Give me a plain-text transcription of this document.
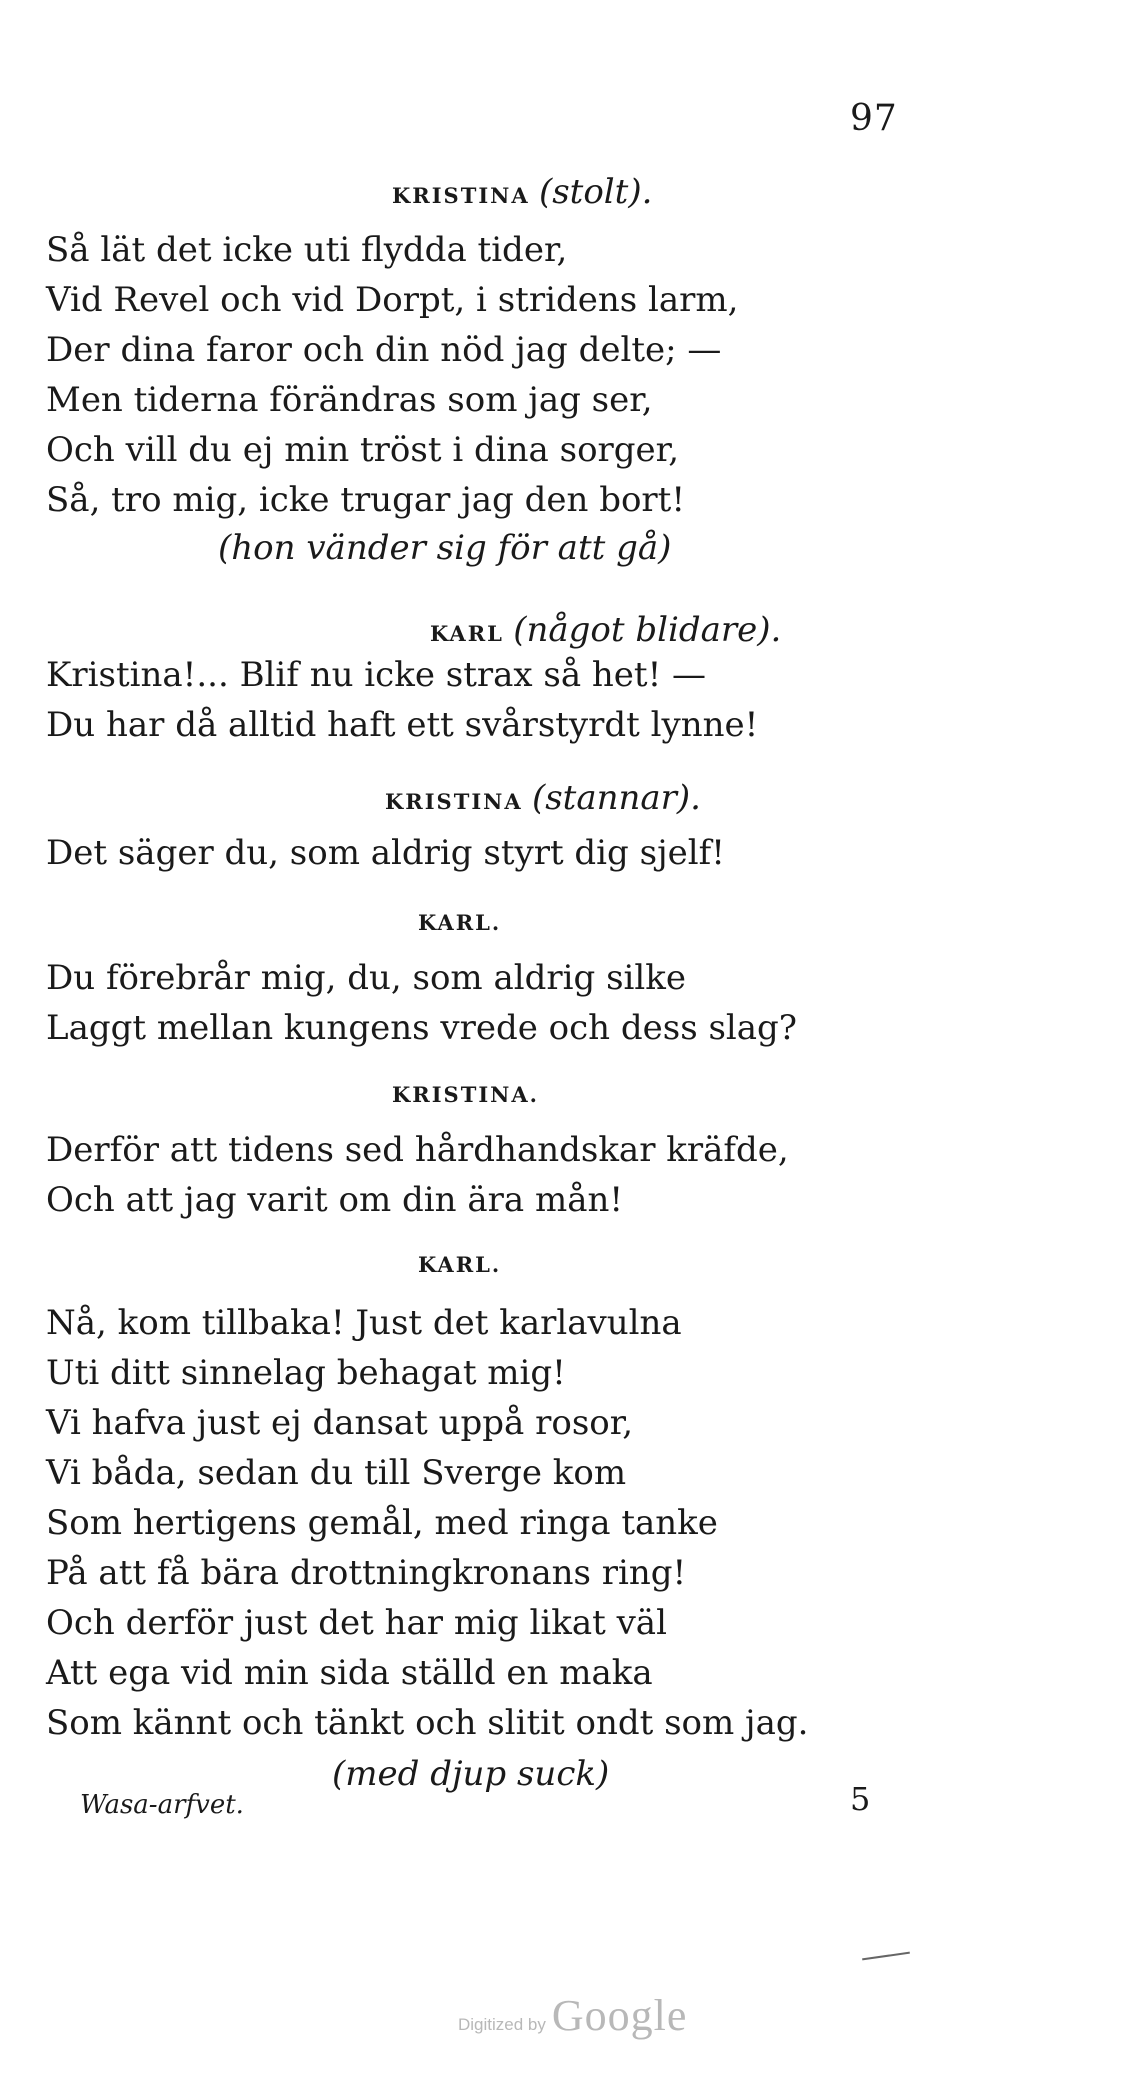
97
KRISTINA (stolt).
Så lät det icke uti flydda tider,
Vid Revel och vid Dorpt, i stridens larm,
Der dina faror och din nöd jag delte; —
Men tiderna förändras som jag ser,
Och vill du ej min tröst i dina sorger,
Så, tro mig, icke trugar jag den bort!
(hon vänder sig för att gå)
KARL (något blidare).
Kristina!... Blif nu icke strax så het! —
Du har då alltid haft ett svårstyrdt lynne!
KRISTINA (stannar).
Det säger du, som aldrig styrt dig sjelf!
KARL.
Du förebrår mig, du, som aldrig silke
Laggt mellan kungens vrede och dess slag?
KRISTINA.
Derför att tidens sed hårdhandskar kräfde,
Och att jag varit om din ära mån!
KARL.
Nå, kom tillbaka! Just det karlavulna
Uti ditt sinnelag behagat mig!
Vi hafva just ej dansat uppå rosor,
Vi båda, sedan du till Sverge kom
Som hertigens gemål, med ringa tanke
På att få bära drottningkronans ring!
Och derför just det har mig likat väl
Att ega vid min sida ställd en maka
Som kännt och tänkt och slitit ondt som jag.
(med djup suck)
Wasa-arfvet.	5
Digitized by Google
